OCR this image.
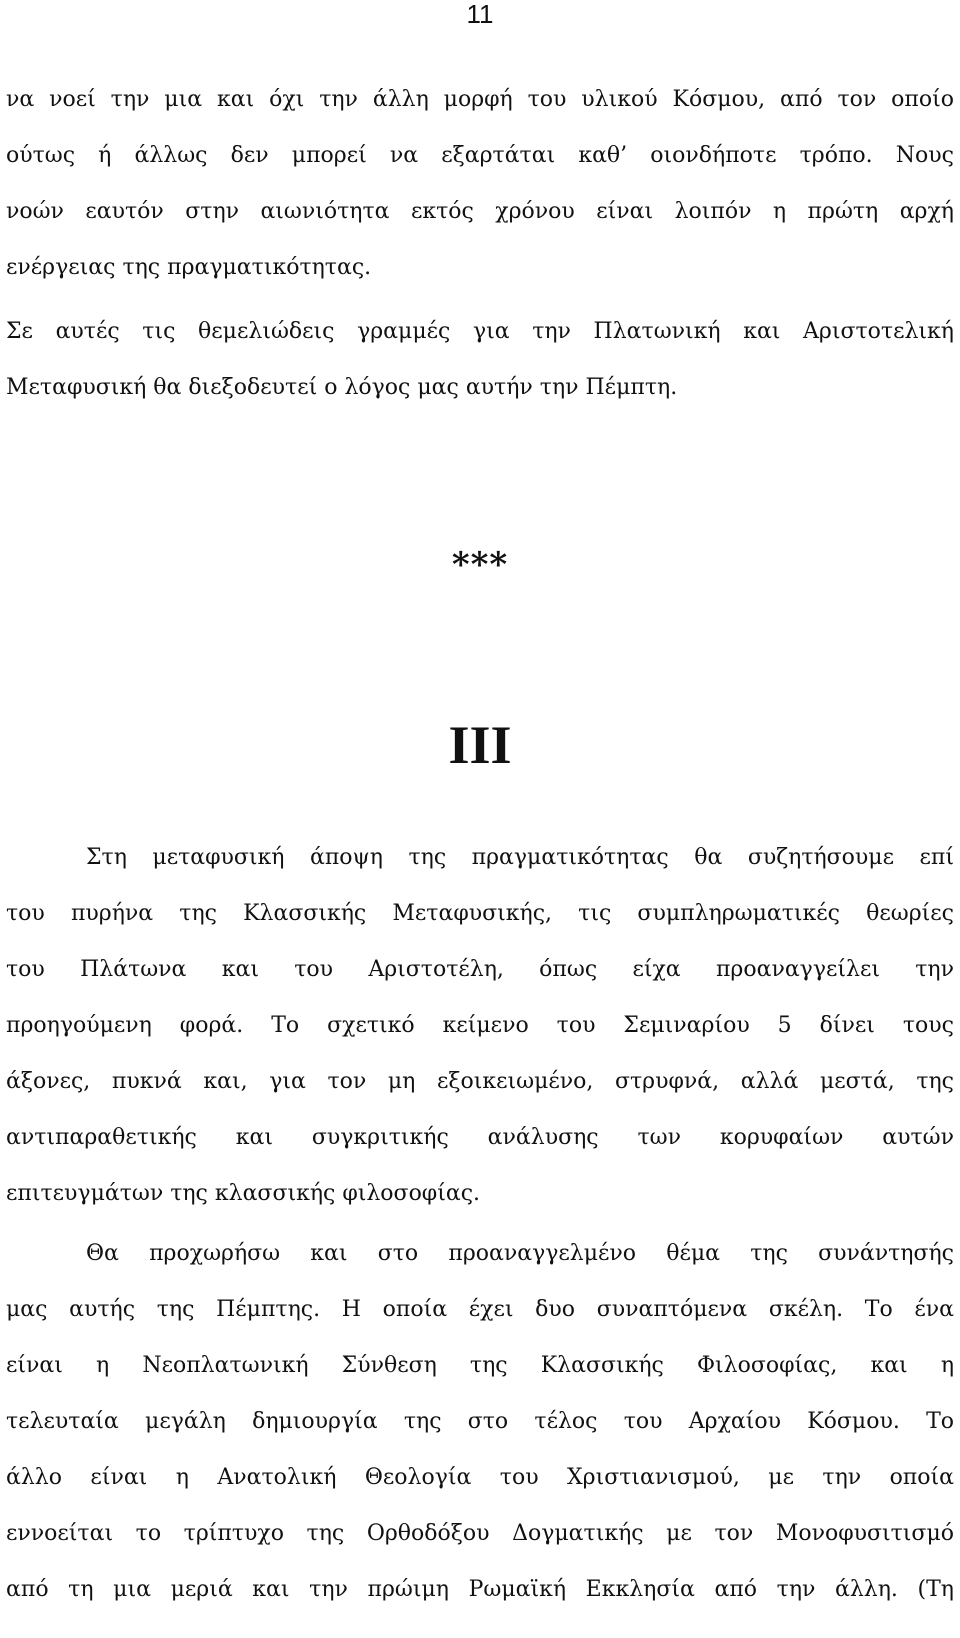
11

να νοεί την μια και όχι την άλλη μορφή του υλικού Κόσμου, από τον οποίο
ούτως ή άλλως δεν μπορεί να εξαρτάται καθ’ οιονδήποτε τρόπο. Νους
νοών εαυτόν στην αιωνιότητα εκτός χρόνου είναι λοιπόν η πρώτη αρχή
ενέργειας της πραγματικότητας.

Σε αυτές τις θεμελιώδεις γραμμές για την Πλατωνική και Αριστοτελική
Μεταφυσική θα διεξοδευτεί ο λόγος μας αυτήν την Πέμπτη.

***
III

Στη μεταφυσική άποψη της πραγματικότητας θα συζητήσουμε επί
του πυρήνα της Κλασσικής Μεταφυσικής, τις συμπληρωματικές θεωρίες
του Πλάτωνα και του Αριστοτέλη, όπως είχα προαναγγείλει την
προηγούμενη φορά. Το σχετικό κείμενο του Σεμιναρίου 5 δίνει τους
άξονες, πυκνά και, για τον μη εξοικειωμένο, στρυφνά, αλλά μεστά, της
αντιπαραθετικής και συγκριτικής ανάλυσης των κορυφαίων αυτών
επιτευγμάτων της κλασσικής φιλοσοφίας.

Θα προχωρήσω και στο προαναγγελμένο θέμα της συνάντησής
μας αυτής της Πέμπτης. Η οποία έχει δυο συναπτόμενα σκέλη. Το ένα
είναι η Νεοπλατωνική Σύνθεση της Κλασσικής Φιλοσοφίας, και η
τελευταία μεγάλη δημιουργία της στο τέλος του Αρχαίου Κόσμου. Το
άλλο είναι η Ανατολική Θεολογία του Χριστιανισμού, με την οποία
εννοείται το τρίπτυχο της Ορθοδόξου Δογματικής με τον Μονοφυσιτισμό
από τη μια μεριά και την πρώιμη Ρωμαϊκή Εκκλησία από την άλλη. (Τη
